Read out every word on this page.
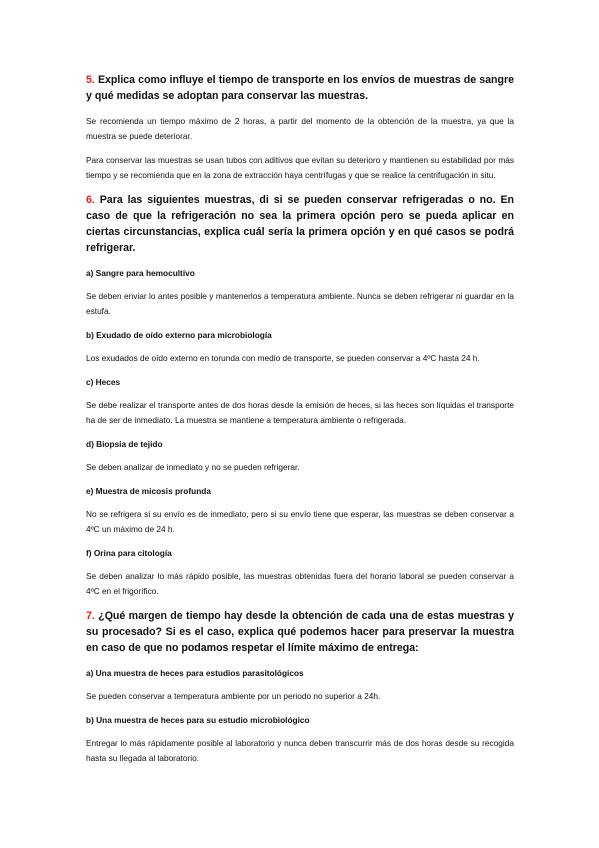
5. Explica como influye el tiempo de transporte en los envíos de muestras de sangre y qué medidas se adoptan para conservar las muestras.

Se recomienda un tiempo máximo de 2 horas, a partir del momento de la obtención de la muestra, ya que la muestra se puede deteriorar.

Para conservar las muestras se usan tubos con aditivos que evitan su deterioro y mantienen su estabilidad por más tiempo y se recomienda que en la zona de extracción haya centrífugas y que se realice la centrifugación in situ.

6. Para las siguientes muestras, di si se pueden conservar refrigeradas o no. En caso de que la refrigeración no sea la primera opción pero se pueda aplicar en ciertas circunstancias, explica cuál sería la primera opción y en qué casos se podrá refrigerar.

a) Sangre para hemocultivo

Se deben enviar lo antes posible y mantenerlos a temperatura ambiente. Nunca se deben refrigerar ni guardar en la estufa.

b) Exudado de oído externo para microbiología

Los exudados de oído externo en torunda con medio de transporte, se pueden conservar a 4ºC hasta 24 h.

c) Heces

Se debe realizar el transporte antes de dos horas desde la emisión de heces, si las heces son líquidas el transporte ha de ser de inmediato. La muestra se mantiene a temperatura ambiente o refrigerada.

d) Biopsia de tejido

Se deben analizar de inmediato y no se pueden refrigerar.

e) Muestra de micosis profunda

No se refrigera si su envío es de inmediato, pero si su envío tiene que esperar, las muestras se deben conservar a 4ºC un máximo de 24 h.

f) Orina para citología

Se deben analizar lo más rápido posible, las muestras obtenidas fuera del horario laboral se pueden conservar a 4ºC en el frigorífico.

7. ¿Qué margen de tiempo hay desde la obtención de cada una de estas muestras y su procesado? Si es el caso, explica qué podemos hacer para preservar la muestra en caso de que no podamos respetar el límite máximo de entrega:

a) Una muestra de heces para estudios parasitológicos

Se pueden conservar a temperatura ambiente por un periodo no superior a 24h.

b) Una muestra de heces para su estudio microbiológico

Entregar lo más rápidamente posible al laboratorio y nunca deben transcurrir más de dos horas desde su recogida hasta su llegada al laboratorio.
